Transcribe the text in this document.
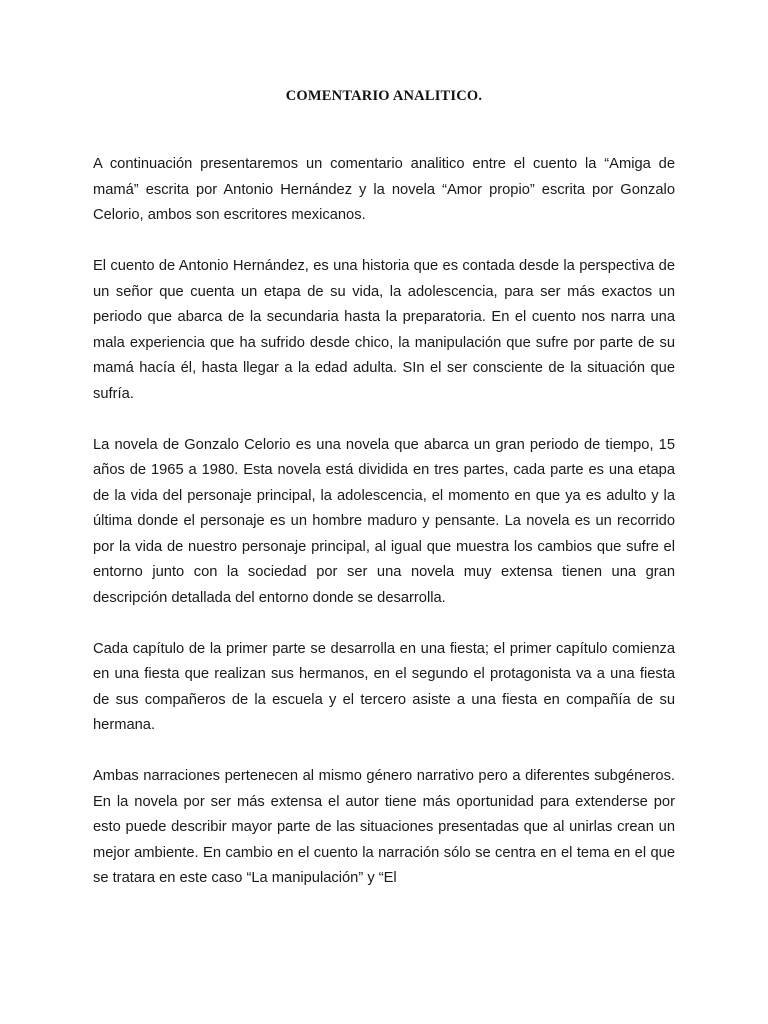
COMENTARIO ANALITICO.

A continuación presentaremos un comentario analitico entre el cuento la “Amiga de mamá” escrita por Antonio Hernández y la novela “Amor propio” escrita por Gonzalo Celorio, ambos son escritores mexicanos.

El cuento de Antonio Hernández, es una historia que es contada desde la perspectiva de un señor que cuenta un etapa de su vida, la adolescencia, para ser más exactos un periodo que abarca de la secundaria hasta la preparatoria. En el cuento nos narra una mala experiencia que ha sufrido desde chico, la manipulación que sufre por parte de su mamá hacía él, hasta llegar a la edad adulta. SIn el ser consciente de la situación que sufría.

La novela de Gonzalo Celorio es una novela que abarca un gran periodo de tiempo, 15 años de 1965 a 1980. Esta novela está dividida en tres partes, cada parte es una etapa de la vida del personaje principal, la adolescencia, el momento en que ya es adulto y la última donde el personaje es un hombre maduro y pensante. La novela es un recorrido por la vida de nuestro personaje principal, al igual que muestra los cambios que sufre el entorno junto con la sociedad por ser una novela muy extensa tienen una gran descripción detallada del entorno donde se desarrolla.

Cada capítulo de la primer parte se desarrolla en una fiesta; el primer capítulo comienza en una fiesta que realizan sus hermanos, en el segundo el protagonista va a una fiesta de sus compañeros de la escuela y el tercero asiste a una fiesta en compañía de su hermana.

Ambas narraciones pertenecen al mismo género narrativo pero a diferentes subgéneros. En la novela por ser más extensa el autor tiene más oportunidad para extenderse por esto puede describir mayor parte de las situaciones presentadas que al unirlas crean un mejor ambiente. En cambio en el cuento la narración sólo se centra en el tema en el que se tratara en este caso “La manipulación” y “El
